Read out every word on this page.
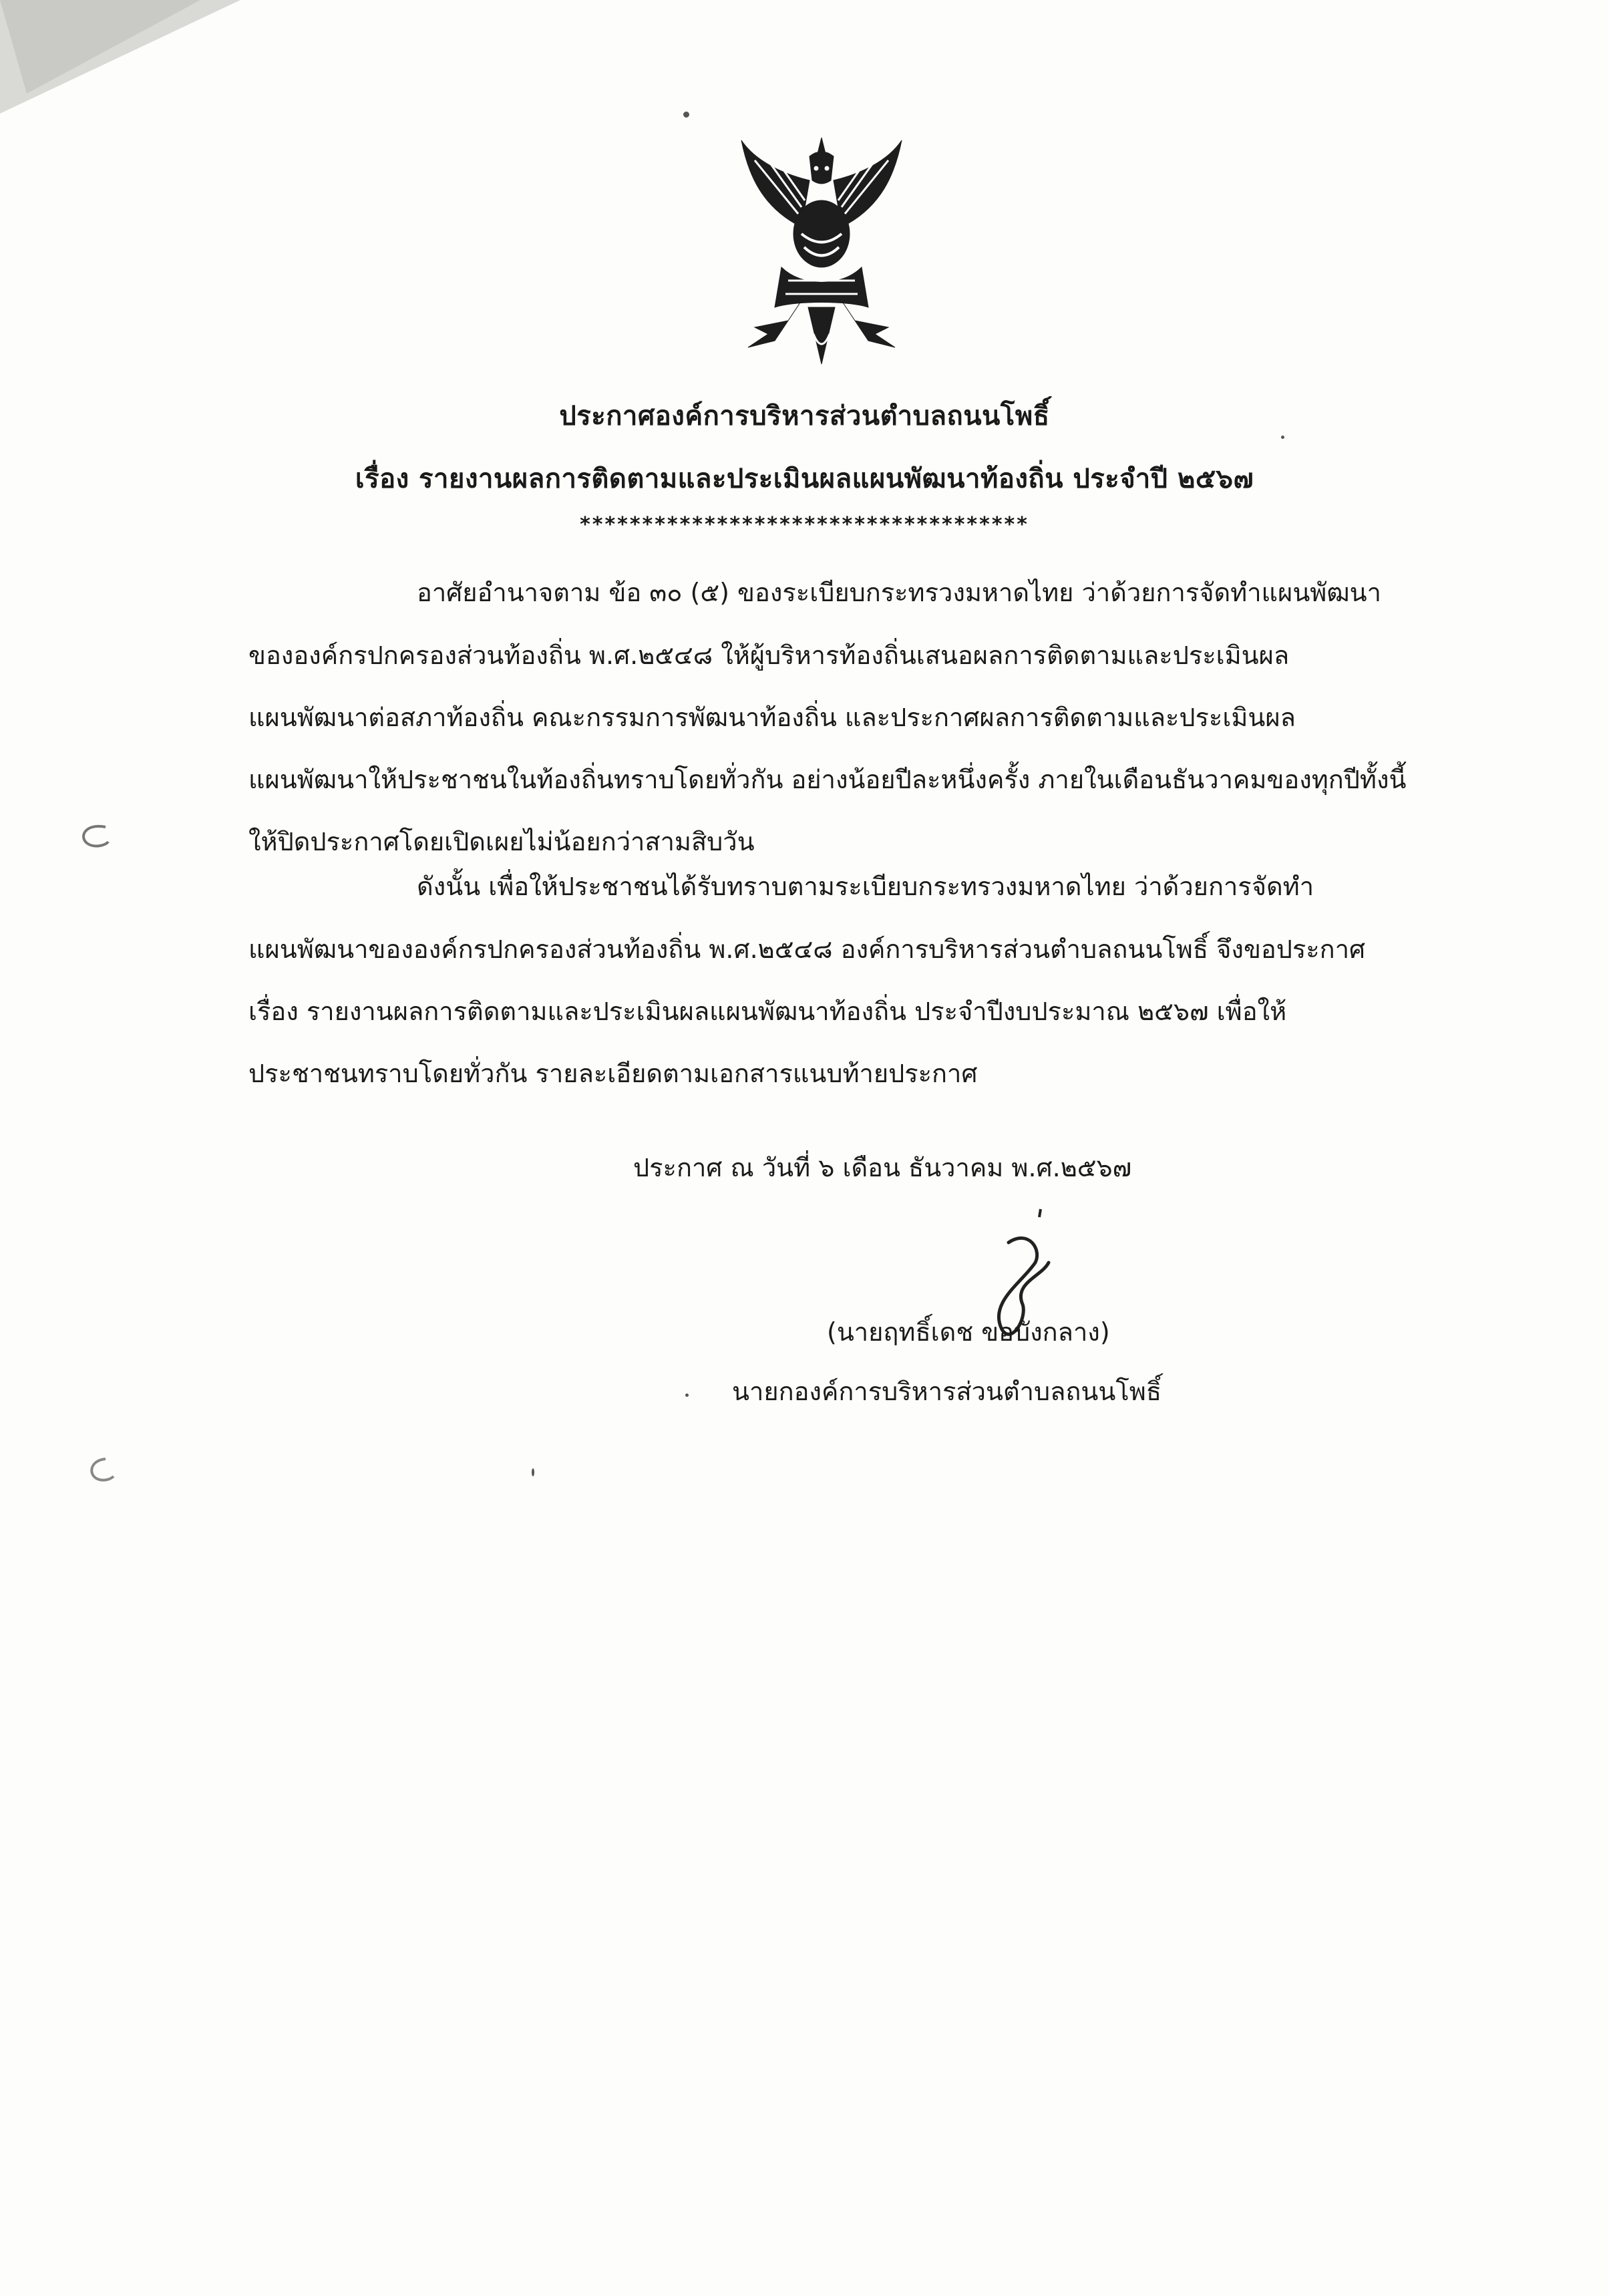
ประกาศองค์การบริหารส่วนตำบลถนนโพธิ์
เรื่อง รายงานผลการติดตามและประเมินผลแผนพัฒนาท้องถิ่น ประจำปี ๒๕๖๗
************************************
อาศัยอำนาจตาม ข้อ ๓๐ (๕) ของระเบียบกระทรวงมหาดไทย ว่าด้วยการจัดทำแผนพัฒนา
ขององค์กรปกครองส่วนท้องถิ่น พ.ศ.๒๕๔๘ ให้ผู้บริหารท้องถิ่นเสนอผลการติดตามและประเมินผล
แผนพัฒนาต่อสภาท้องถิ่น คณะกรรมการพัฒนาท้องถิ่น และประกาศผลการติดตามและประเมินผล
แผนพัฒนาให้ประชาชนในท้องถิ่นทราบโดยทั่วกัน อย่างน้อยปีละหนึ่งครั้ง ภายในเดือนธันวาคมของทุกปีทั้งนี้
ให้ปิดประกาศโดยเปิดเผยไม่น้อยกว่าสามสิบวัน
ดังนั้น เพื่อให้ประชาชนได้รับทราบตามระเบียบกระทรวงมหาดไทย ว่าด้วยการจัดทำ
แผนพัฒนาขององค์กรปกครองส่วนท้องถิ่น พ.ศ.๒๕๔๘ องค์การบริหารส่วนตำบลถนนโพธิ์ จึงขอประกาศ
เรื่อง รายงานผลการติดตามและประเมินผลแผนพัฒนาท้องถิ่น ประจำปีงบประมาณ ๒๕๖๗ เพื่อให้
ประชาชนทราบโดยทั่วกัน รายละเอียดตามเอกสารแนบท้ายประกาศ
ประกาศ ณ วันที่ ๖ เดือน ธันวาคม พ.ศ.๒๕๖๗
(นายฤทธิ์เดช ขอบังกลาง)
นายกองค์การบริหารส่วนตำบลถนนโพธิ์
